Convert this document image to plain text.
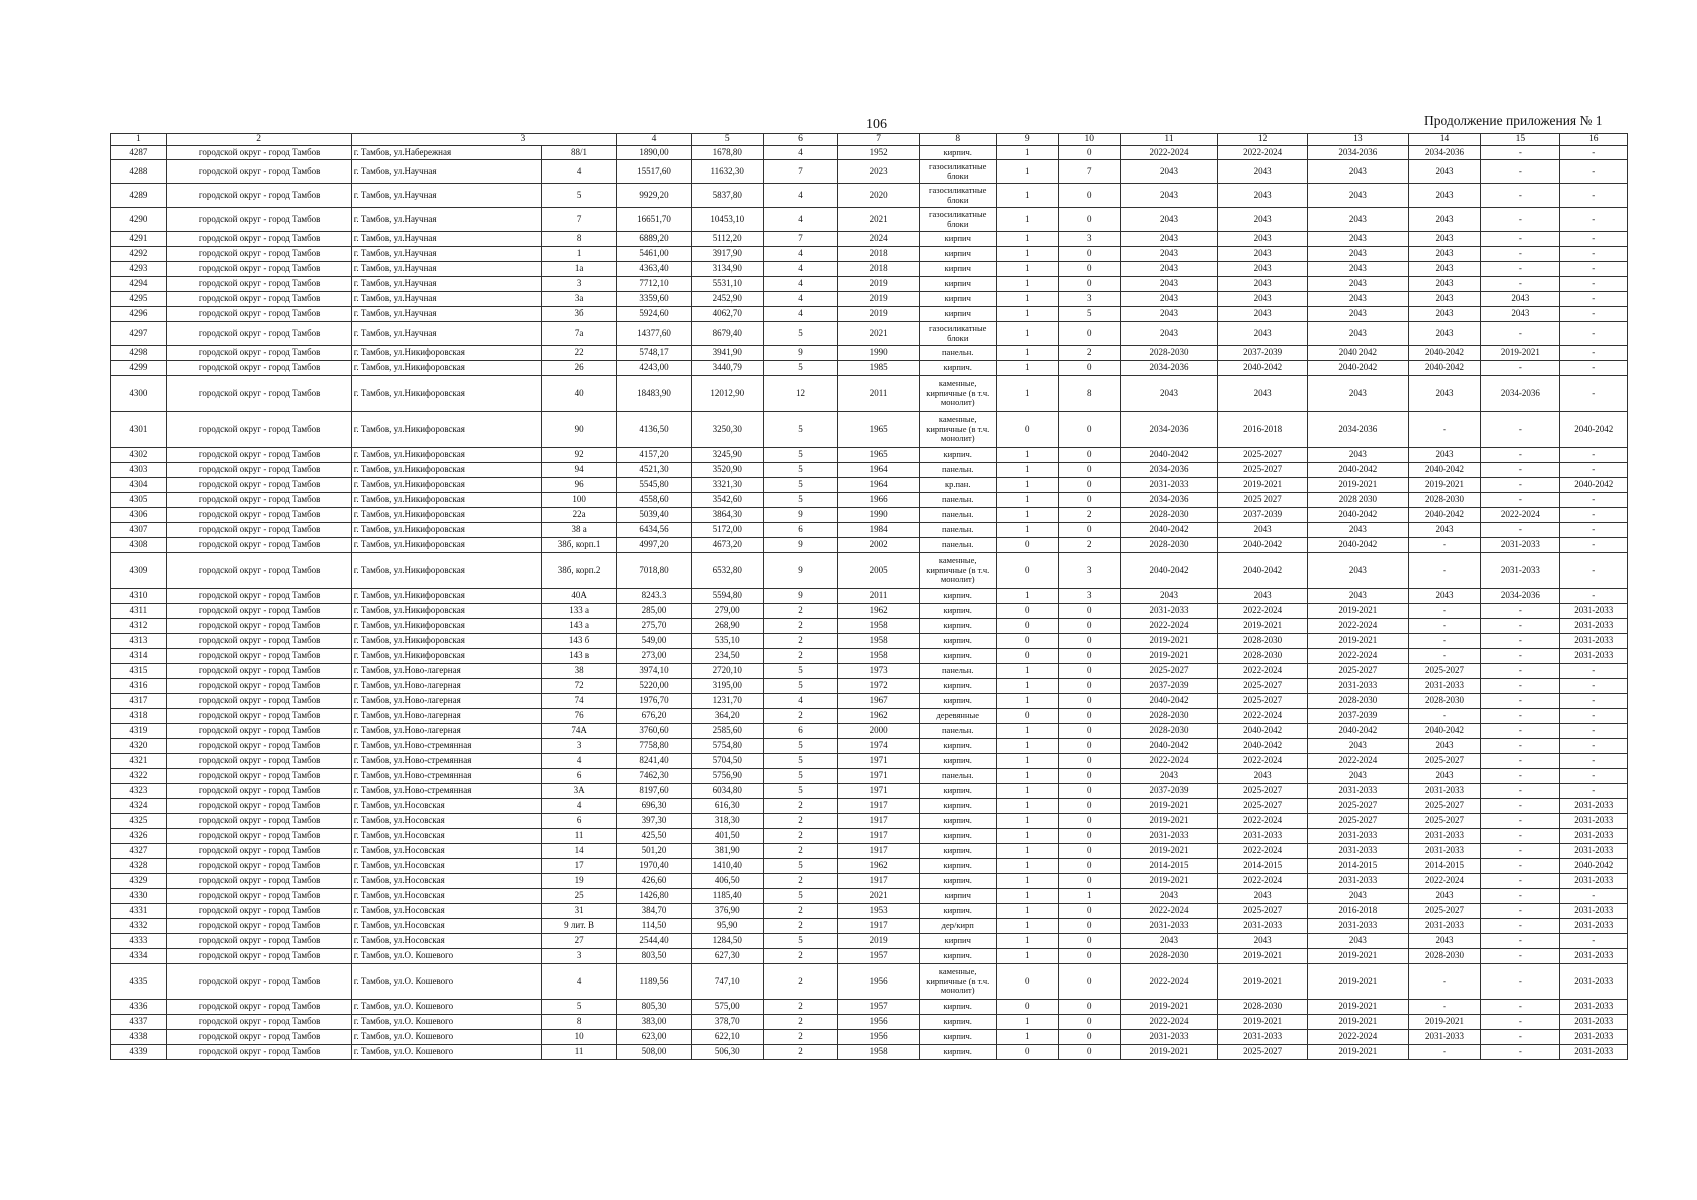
106	Продолжение приложения № 1
1	2	3		4	5	6	7	8	9	10	11	12	13	14	15	16
4287	городской округ - город Тамбов	г. Тамбов, ул.Набережная	88/1	1890,00	1678,80	4	1952	кирпич.	1	0	2022-2024	2022-2024	2034-2036	2034-2036	-	-
4288	городской округ - город Тамбов	г. Тамбов, ул.Научная	4	15517,60	11632,30	7	2023	газосиликатные блоки	1	7	2043	2043	2043	2043	-	-
4289	городской округ - город Тамбов	г. Тамбов, ул.Научная	5	9929,20	5837,80	4	2020	газосиликатные блоки	1	0	2043	2043	2043	2043	-	-
4290	городской округ - город Тамбов	г. Тамбов, ул.Научная	7	16651,70	10453,10	4	2021	газосиликатные блоки	1	0	2043	2043	2043	2043	-	-
4291	городской округ - город Тамбов	г. Тамбов, ул.Научная	8	6889,20	5112,20	7	2024	кирпич	1	3	2043	2043	2043	2043	-	-
4292	городской округ - город Тамбов	г. Тамбов, ул.Научная	1	5461,00	3917,90	4	2018	кирпич	1	0	2043	2043	2043	2043	-	-
4293	городской округ - город Тамбов	г. Тамбов, ул.Научная	1а	4363,40	3134,90	4	2018	кирпич	1	0	2043	2043	2043	2043	-	-
4294	городской округ - город Тамбов	г. Тамбов, ул.Научная	3	7712,10	5531,10	4	2019	кирпич	1	0	2043	2043	2043	2043	-	-
4295	городской округ - город Тамбов	г. Тамбов, ул.Научная	3а	3359,60	2452,90	4	2019	кирпич	1	3	2043	2043	2043	2043	2043	-
4296	городской округ - город Тамбов	г. Тамбов, ул.Научная	3б	5924,60	4062,70	4	2019	кирпич	1	5	2043	2043	2043	2043	2043	-
4297	городской округ - город Тамбов	г. Тамбов, ул.Научная	7а	14377,60	8679,40	5	2021	газосиликатные блоки	1	0	2043	2043	2043	2043	-	-
4298	городской округ - город Тамбов	г. Тамбов, ул.Никифоровская	22	5748,17	3941,90	9	1990	панельн.	1	2	2028-2030	2037-2039	2040 2042	2040-2042	2019-2021	-
4299	городской округ - город Тамбов	г. Тамбов, ул.Никифоровская	26	4243,00	3440,79	5	1985	кирпич.	1	0	2034-2036	2040-2042	2040-2042	2040-2042	-	-
4300	городской округ - город Тамбов	г. Тамбов, ул.Никифоровская	40	18483,90	12012,90	12	2011	каменные, кирпичные (в т.ч. монолит)	1	8	2043	2043	2043	2043	2034-2036	-
4301	городской округ - город Тамбов	г. Тамбов, ул.Никифоровская	90	4136,50	3250,30	5	1965	каменные, кирпичные (в т.ч. монолит)	0	0	2034-2036	2016-2018	2034-2036	-	-	2040-2042
4302	городской округ - город Тамбов	г. Тамбов, ул.Никифоровская	92	4157,20	3245,90	5	1965	кирпич.	1	0	2040-2042	2025-2027	2043	2043	-	-
4303	городской округ - город Тамбов	г. Тамбов, ул.Никифоровская	94	4521,30	3520,90	5	1964	панельн.	1	0	2034-2036	2025-2027	2040-2042	2040-2042	-	-
4304	городской округ - город Тамбов	г. Тамбов, ул.Никифоровская	96	5545,80	3321,30	5	1964	кр.пан.	1	0	2031-2033	2019-2021	2019-2021	2019-2021	-	2040-2042
4305	городской округ - город Тамбов	г. Тамбов, ул.Никифоровская	100	4558,60	3542,60	5	1966	панельн.	1	0	2034-2036	2025 2027	2028 2030	2028-2030	-	-
4306	городской округ - город Тамбов	г. Тамбов, ул.Никифоровская	22а	5039,40	3864,30	9	1990	панельн.	1	2	2028-2030	2037-2039	2040-2042	2040-2042	2022-2024	-
4307	городской округ - город Тамбов	г. Тамбов, ул.Никифоровская	38 а	6434,56	5172,00	6	1984	панельн.	1	0	2040-2042	2043	2043	2043	-	-
4308	городской округ - город Тамбов	г. Тамбов, ул.Никифоровская	38б, корп.1	4997,20	4673,20	9	2002	панельн.	0	2	2028-2030	2040-2042	2040-2042	-	2031-2033	-
4309	городской округ - город Тамбов	г. Тамбов, ул.Никифоровская	38б, корп.2	7018,80	6532,80	9	2005	каменные, кирпичные (в т.ч. монолит)	0	3	2040-2042	2040-2042	2043	-	2031-2033	-
4310	городской округ - город Тамбов	г. Тамбов, ул.Никифоровская	40А	8243.3	5594,80	9	2011	кирпич.	1	3	2043	2043	2043	2043	2034-2036	-
4311	городской округ - город Тамбов	г. Тамбов, ул.Никифоровская	133 а	285,00	279,00	2	1962	кирпич.	0	0	2031-2033	2022-2024	2019-2021	-	-	2031-2033
4312	городской округ - город Тамбов	г. Тамбов, ул.Никифоровская	143 а	275,70	268,90	2	1958	кирпич.	0	0	2022-2024	2019-2021	2022-2024	-	-	2031-2033
4313	городской округ - город Тамбов	г. Тамбов, ул.Никифоровская	143 б	549,00	535,10	2	1958	кирпич.	0	0	2019-2021	2028-2030	2019-2021	-	-	2031-2033
4314	городской округ - город Тамбов	г. Тамбов, ул.Никифоровская	143 в	273,00	234,50	2	1958	кирпич.	0	0	2019-2021	2028-2030	2022-2024	-	-	2031-2033
4315	городской округ - город Тамбов	г. Тамбов, ул.Ново-лагерная	38	3974,10	2720,10	5	1973	панельн.	1	0	2025-2027	2022-2024	2025-2027	2025-2027	-	-
4316	городской округ - город Тамбов	г. Тамбов, ул.Ново-лагерная	72	5220,00	3195,00	5	1972	кирпич.	1	0	2037-2039	2025-2027	2031-2033	2031-2033	-	-
4317	городской округ - город Тамбов	г. Тамбов, ул.Ново-лагерная	74	1976,70	1231,70	4	1967	кирпич.	1	0	2040-2042	2025-2027	2028-2030	2028-2030	-	-
4318	городской округ - город Тамбов	г. Тамбов, ул.Ново-лагерная	76	676,20	364,20	2	1962	деревянные	0	0	2028-2030	2022-2024	2037-2039	-	-	-
4319	городской округ - город Тамбов	г. Тамбов, ул.Ново-лагерная	74А	3760,60	2585,60	6	2000	панельн.	1	0	2028-2030	2040-2042	2040-2042	2040-2042	-	-
4320	городской округ - город Тамбов	г. Тамбов, ул.Ново-стремянная	3	7758,80	5754,80	5	1974	кирпич.	1	0	2040-2042	2040-2042	2043	2043	-	-
4321	городской округ - город Тамбов	г. Тамбов, ул.Ново-стремянная	4	8241,40	5704,50	5	1971	кирпич.	1	0	2022-2024	2022-2024	2022-2024	2025-2027	-	-
4322	городской округ - город Тамбов	г. Тамбов, ул.Ново-стремянная	6	7462,30	5756,90	5	1971	панельн.	1	0	2043	2043	2043	2043	-	-
4323	городской округ - город Тамбов	г. Тамбов, ул.Ново-стремянная	3А	8197,60	6034,80	5	1971	кирпич.	1	0	2037-2039	2025-2027	2031-2033	2031-2033	-	-
4324	городской округ - город Тамбов	г. Тамбов, ул.Носовская	4	696,30	616,30	2	1917	кирпич.	1	0	2019-2021	2025-2027	2025-2027	2025-2027	-	2031-2033
4325	городской округ - город Тамбов	г. Тамбов, ул.Носовская	6	397,30	318,30	2	1917	кирпич.	1	0	2019-2021	2022-2024	2025-2027	2025-2027	-	2031-2033
4326	городской округ - город Тамбов	г. Тамбов, ул.Носовская	11	425,50	401,50	2	1917	кирпич.	1	0	2031-2033	2031-2033	2031-2033	2031-2033	-	2031-2033
4327	городской округ - город Тамбов	г. Тамбов, ул.Носовская	14	501,20	381,90	2	1917	кирпич.	1	0	2019-2021	2022-2024	2031-2033	2031-2033	-	2031-2033
4328	городской округ - город Тамбов	г. Тамбов, ул.Носовская	17	1970,40	1410,40	5	1962	кирпич.	1	0	2014-2015	2014-2015	2014-2015	2014-2015	-	2040-2042
4329	городской округ - город Тамбов	г. Тамбов, ул.Носовская	19	426,60	406,50	2	1917	кирпич.	1	0	2019-2021	2022-2024	2031-2033	2022-2024	-	2031-2033
4330	городской округ - город Тамбов	г. Тамбов, ул.Носовская	25	1426,80	1185,40	5	2021	кирпич	1	1	2043	2043	2043	2043	-	-
4331	городской округ - город Тамбов	г. Тамбов, ул.Носовская	31	384,70	376,90	2	1953	кирпич.	1	0	2022-2024	2025-2027	2016-2018	2025-2027	-	2031-2033
4332	городской округ - город Тамбов	г. Тамбов, ул.Носовская	9 лит. В	114,50	95,90	2	1917	дер/кирп	1	0	2031-2033	2031-2033	2031-2033	2031-2033	-	2031-2033
4333	городской округ - город Тамбов	г. Тамбов, ул.Носовская	27	2544,40	1284,50	5	2019	кирпич	1	0	2043	2043	2043	2043	-	-
4334	городской округ - город Тамбов	г. Тамбов, ул.О. Кошевого	3	803,50	627,30	2	1957	кирпич.	1	0	2028-2030	2019-2021	2019-2021	2028-2030	-	2031-2033
4335	городской округ - город Тамбов	г. Тамбов, ул.О. Кошевого	4	1189,56	747,10	2	1956	каменные, кирпичные (в т.ч. монолит)	0	0	2022-2024	2019-2021	2019-2021	-	-	2031-2033
4336	городской округ - город Тамбов	г. Тамбов, ул.О. Кошевого	5	805,30	575,00	2	1957	кирпич.	0	0	2019-2021	2028-2030	2019-2021	-	-	2031-2033
4337	городской округ - город Тамбов	г. Тамбов, ул.О. Кошевого	8	383,00	378,70	2	1956	кирпич.	1	0	2022-2024	2019-2021	2019-2021	2019-2021	-	2031-2033
4338	городской округ - город Тамбов	г. Тамбов, ул.О. Кошевого	10	623,00	622,10	2	1956	кирпич.	1	0	2031-2033	2031-2033	2022-2024	2031-2033	-	2031-2033
4339	городской округ - город Тамбов	г. Тамбов, ул.О. Кошевого	11	508,00	506,30	2	1958	кирпич.	0	0	2019-2021	2025-2027	2019-2021	-	-	2031-2033
